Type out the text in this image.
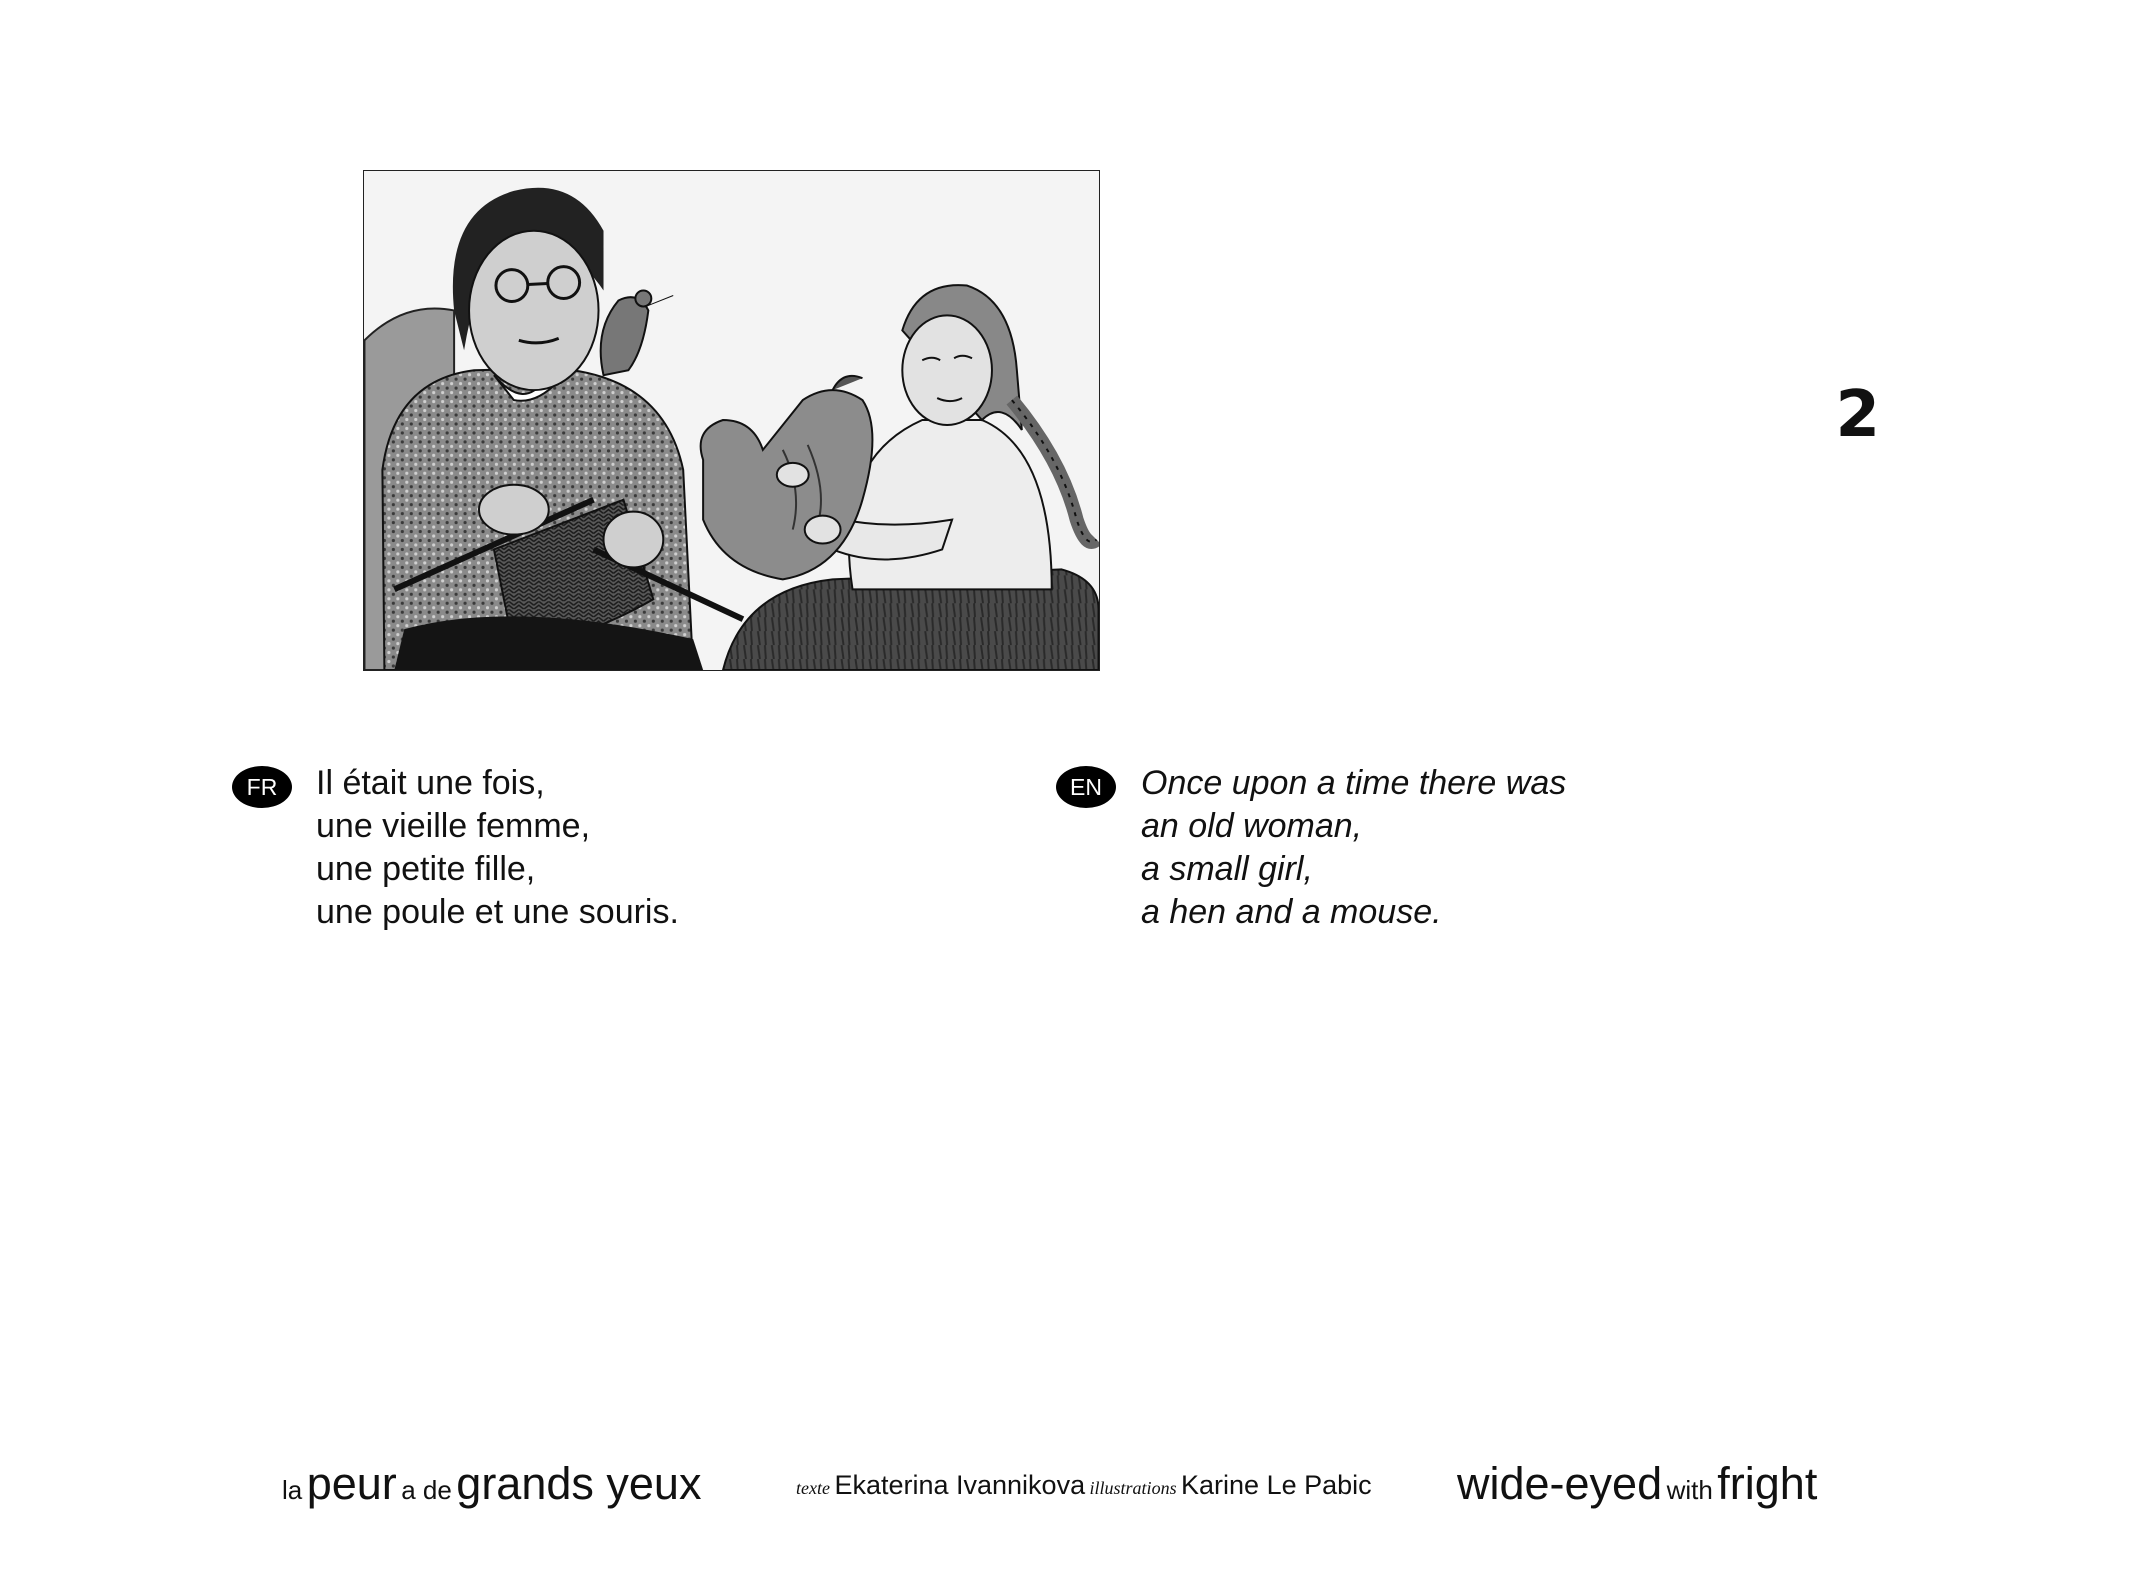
2
FR	Il était une fois,
une vieille femme,
une petite fille,
une poule et une souris.
EN	Once upon a time there was
an old woman,
a small girl,
a hen and a mouse.
la peur a de grands yeux	texte Ekaterina Ivannikova illustrations Karine Le Pabic wide-eyed with fright
